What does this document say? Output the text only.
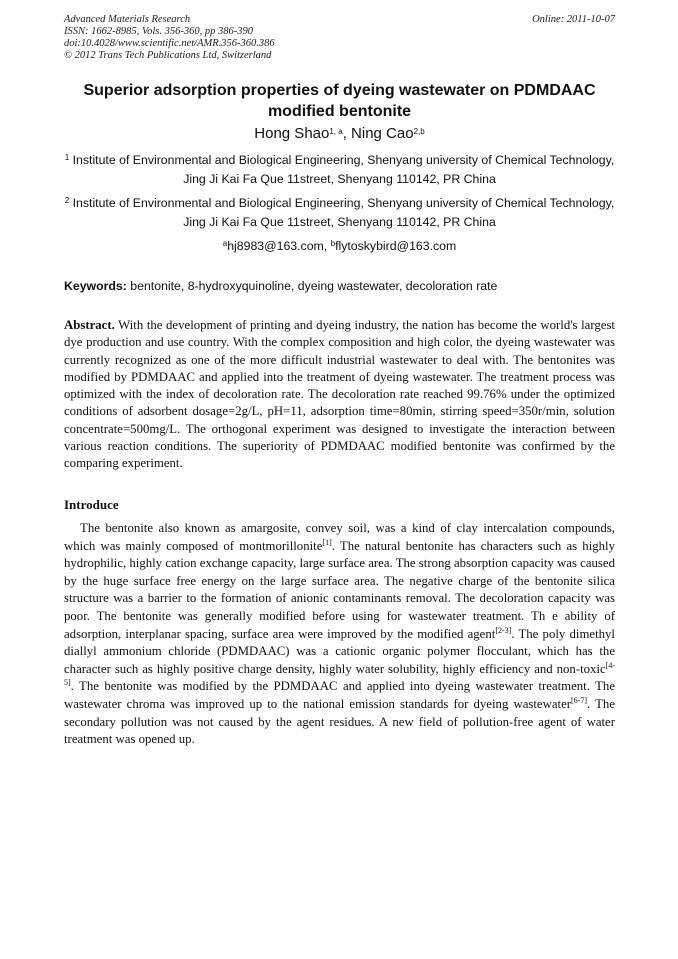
Advanced Materials Research	Online: 2011-10-07
ISSN: 1662-8985, Vols. 356-360, pp 386-390
doi:10.4028/www.scientific.net/AMR.356-360.386
© 2012 Trans Tech Publications Ltd, Switzerland
Superior adsorption properties of dyeing wastewater on PDMDAAC modified bentonite
Hong Shao$^{1, a}$, Ning Cao$^{2,b}$
$^1$ Institute of Environmental and Biological Engineering, Shenyang university of Chemical Technology, Jing Ji Kai Fa Que 11street, Shenyang 110142, PR China
$^2$ Institute of Environmental and Biological Engineering, Shenyang university of Chemical Technology, Jing Ji Kai Fa Que 11street, Shenyang 110142, PR China
$^a$hj8983@163.com, $^b$flytoskybird@163.com
Keywords: bentonite, 8-hydroxyquinoline, dyeing wastewater, decoloration rate

Abstract. With the development of printing and dyeing industry, the nation has become the world's largest dye production and use country. With the complex composition and high color, the dyeing wastewater was currently recognized as one of the more difficult industrial wastewater to deal with. The bentonites was modified by PDMDAAC and applied into the treatment of dyeing wastewater. The treatment process was optimized with the index of decoloration rate. The decoloration rate reached 99.76% under the optimized conditions of adsorbent dosage=2g/L, pH=11, adsorption time=80min, stirring speed=350r/min, solution concentrate=500mg/L. The orthogonal experiment was designed to investigate the interaction between various reaction conditions. The superiority of PDMDAAC modified bentonite was confirmed by the comparing experiment.

Introduce

The bentonite also known as amargosite, convey soil, was a kind of clay intercalation compounds, which was mainly composed of montmorillonite[1]. The natural bentonite has characters such as highly hydrophilic, highly cation exchange capacity, large surface area. The strong absorption capacity was caused by the huge surface free energy on the large surface area. The negative charge of the bentonite silica structure was a barrier to the formation of anionic contaminants removal. The decoloration capacity was poor. The bentonite was generally modified before using for wastewater treatment. Th e ability of adsorption, interplanar spacing, surface area were improved by the modified agent[2-3]. The poly dimethyl diallyl ammonium chloride (PDMDAAC) was a cationic organic polymer flocculant, which has the character such as highly positive charge density, highly water solubility, highly efficiency and non-toxic[4-5]. The bentonite was modified by the PDMDAAC and applied into dyeing wastewater treatment. The wastewater chroma was improved up to the national emission standards for dyeing wastewater[6-7]. The secondary pollution was not caused by the agent residues. A new field of pollution-free agent of water treatment was opened up.
